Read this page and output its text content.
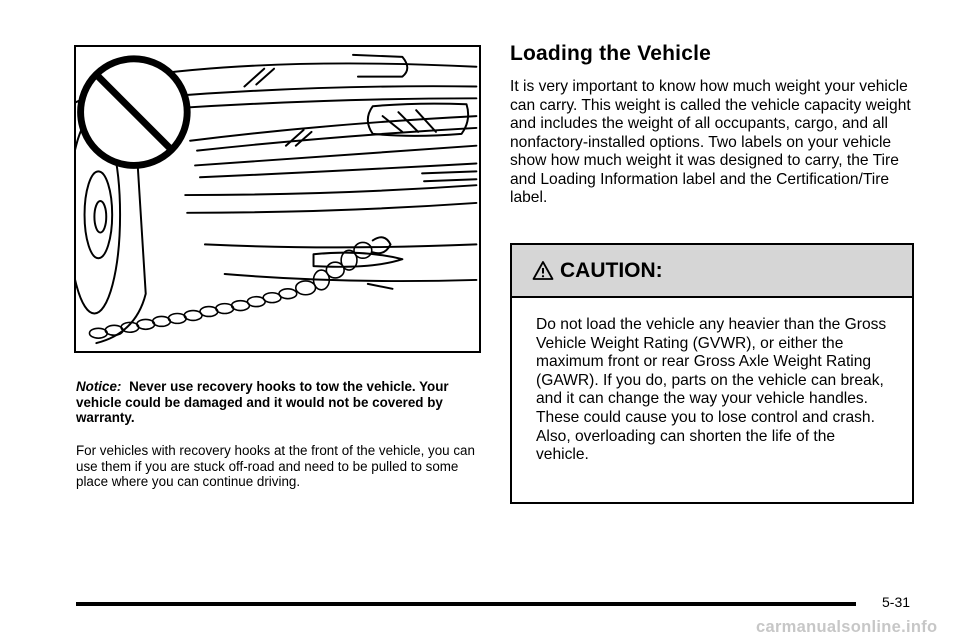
Notice: Never use recovery hooks to tow the vehicle. Your vehicle could be damaged and it would not be covered by warranty.
For vehicles with recovery hooks at the front of the vehicle, you can use them if you are stuck off-road and need to be pulled to some place where you can continue driving.
Loading the Vehicle

It is very important to know how much weight your vehicle can carry. This weight is called the vehicle capacity weight and includes the weight of all occupants, cargo, and all nonfactory-installed options. Two labels on your vehicle show how much weight it was designed to carry, the Tire and Loading Information label and the Certification/Tire label.

CAUTION:

Do not load the vehicle any heavier than the Gross Vehicle Weight Rating (GVWR), or either the maximum front or rear Gross Axle Weight Rating (GAWR). If you do, parts on the vehicle can break, and it can change the way your vehicle handles. These could cause you to lose control and crash. Also, overloading can shorten the life of the vehicle.

5-31
carmanualsonline.info
